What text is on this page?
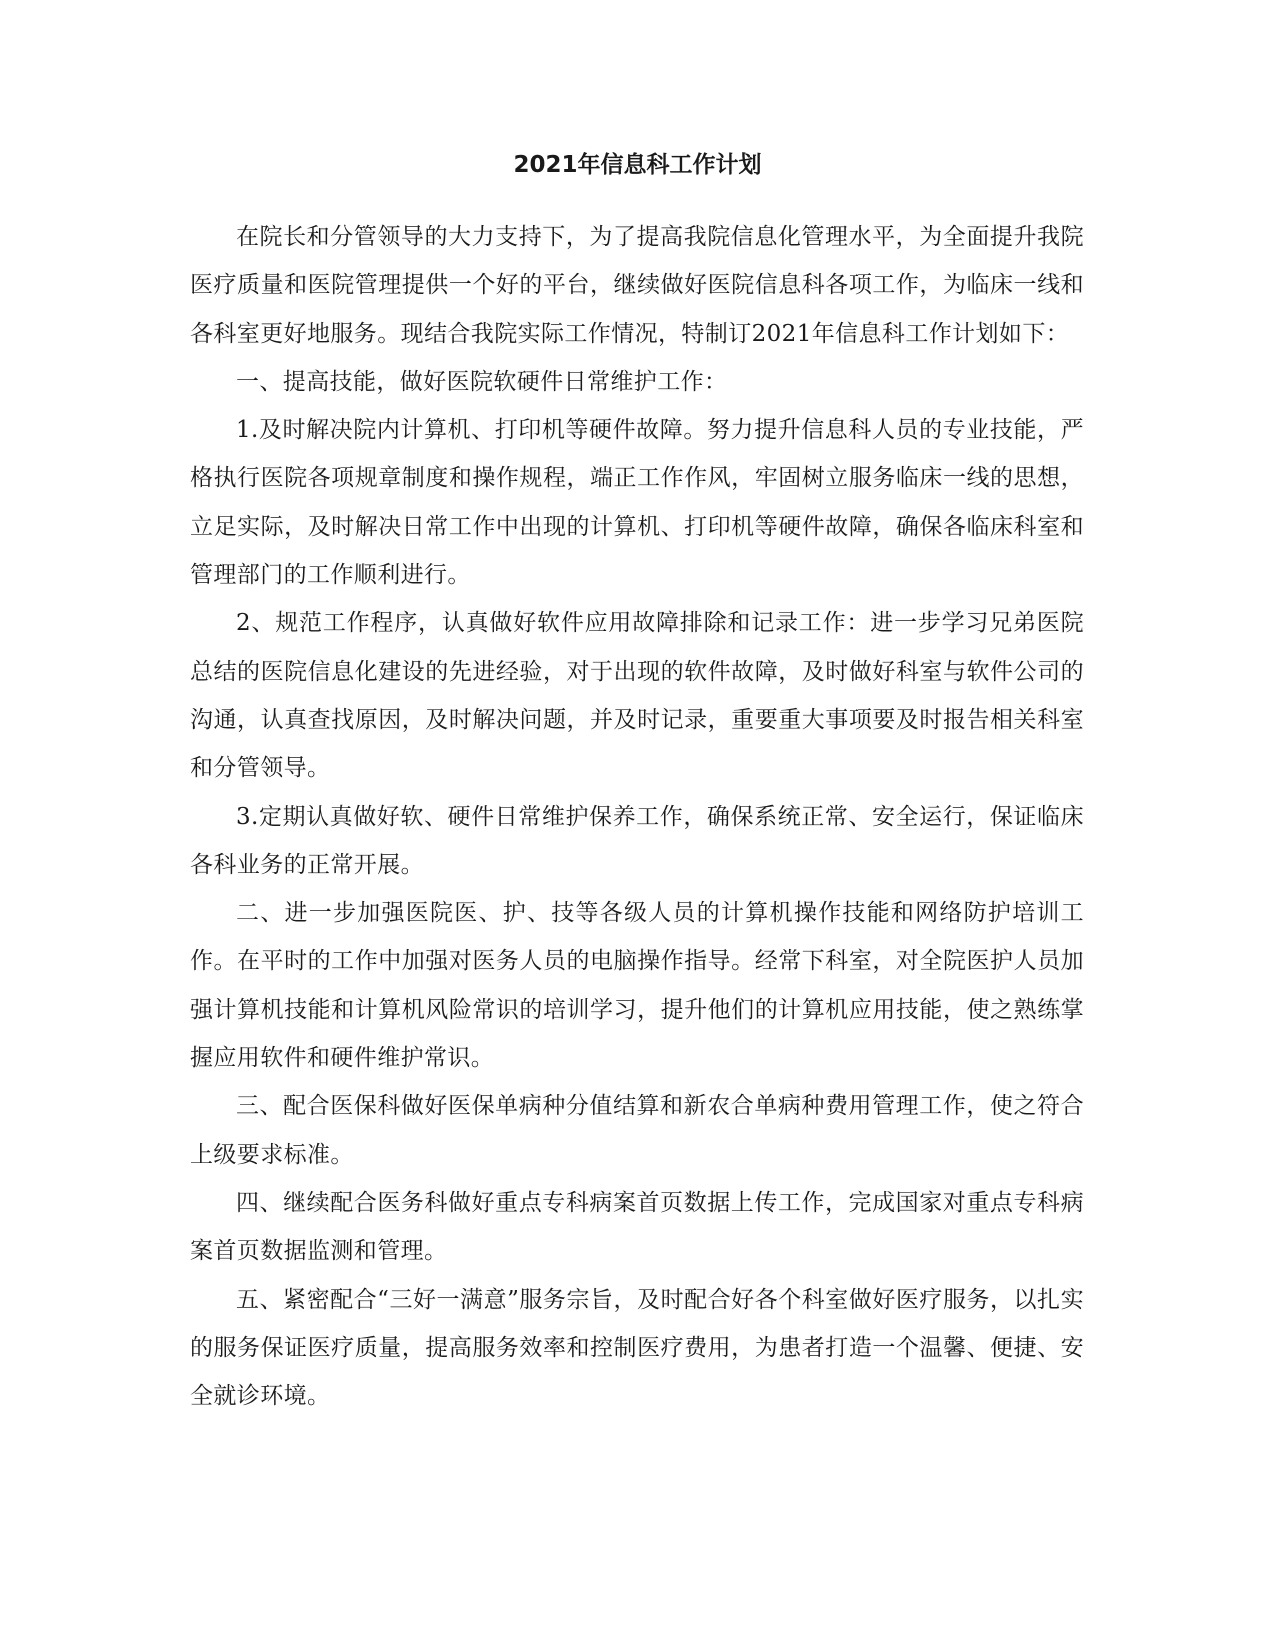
2021年信息科工作计划

在院长和分管领导的大力支持下，为了提高我院信息化管理水平，为全面提升我院医疗质量和医院管理提供一个好的平台，继续做好医院信息科各项工作，为临床一线和各科室更好地服务。现结合我院实际工作情况，特制订2021年信息科工作计划如下：

一、提高技能，做好医院软硬件日常维护工作：

1.及时解决院内计算机、打印机等硬件故障。努力提升信息科人员的专业技能，严格执行医院各项规章制度和操作规程，端正工作作风，牢固树立服务临床一线的思想，立足实际，及时解决日常工作中出现的计算机、打印机等硬件故障，确保各临床科室和管理部门的工作顺利进行。

2、规范工作程序，认真做好软件应用故障排除和记录工作：进一步学习兄弟医院总结的医院信息化建设的先进经验，对于出现的软件故障，及时做好科室与软件公司的沟通，认真查找原因，及时解决问题，并及时记录，重要重大事项要及时报告相关科室和分管领导。

3.定期认真做好软、硬件日常维护保养工作，确保系统正常、安全运行，保证临床各科业务的正常开展。

二、进一步加强医院医、护、技等各级人员的计算机操作技能和网络防护培训工作。在平时的工作中加强对医务人员的电脑操作指导。经常下科室，对全院医护人员加强计算机技能和计算机风险常识的培训学习，提升他们的计算机应用技能，使之熟练掌握应用软件和硬件维护常识。

三、配合医保科做好医保单病种分值结算和新农合单病种费用管理工作，使之符合上级要求标准。

四、继续配合医务科做好重点专科病案首页数据上传工作，完成国家对重点专科病案首页数据监测和管理。

五、紧密配合“三好一满意”服务宗旨，及时配合好各个科室做好医疗服务，以扎实的服务保证医疗质量，提高服务效率和控制医疗费用，为患者打造一个温馨、便捷、安全就诊环境。
